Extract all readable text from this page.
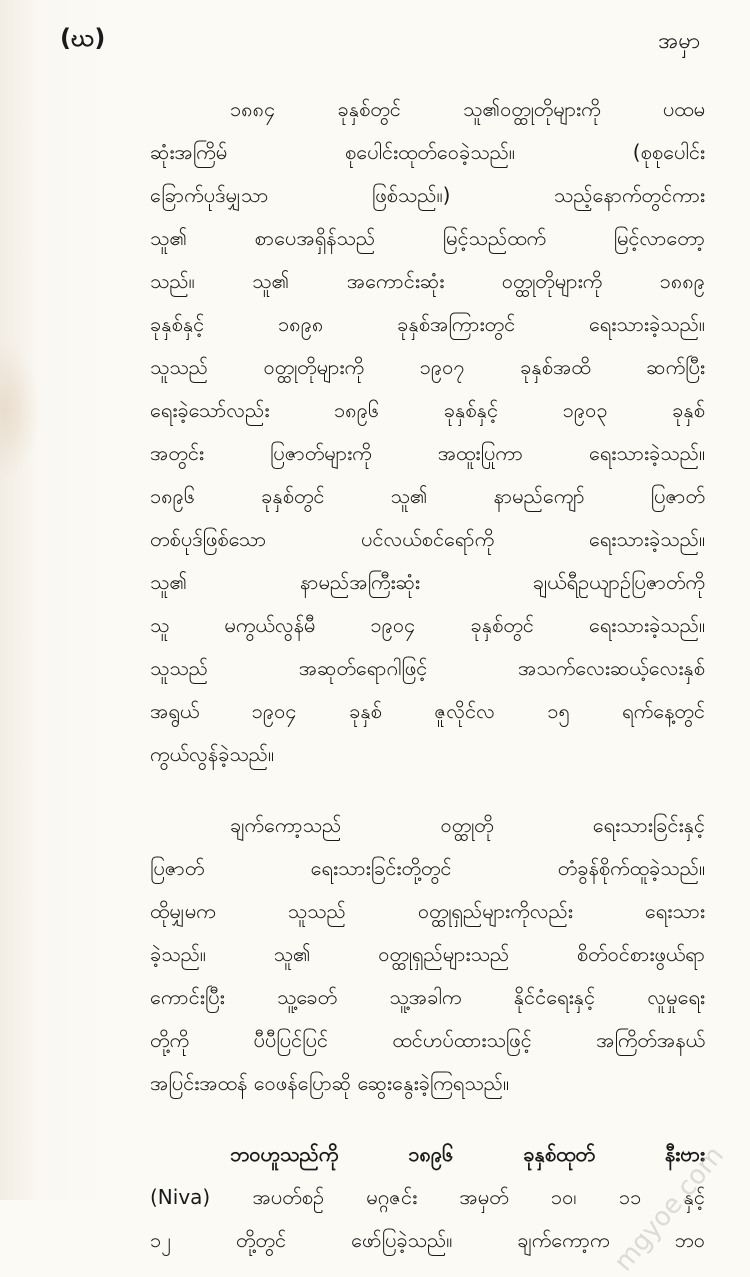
(ဃ)	အမှာ
၁၈၈၄ ခုနှစ်တွင် သူ၏ဝတ္ထုတိုများကို ပထမ
ဆုံးအကြိမ် စုပေါင်းထုတ်ဝေခဲ့သည်။ (စုစုပေါင်း
ခြောက်ပုဒ်မျှသာ ဖြစ်သည်။) သည့်နောက်တွင်ကား
သူ၏ စာပေအရှိန်သည် မြင့်သည်ထက် မြင့်လာတော့
သည်။ သူ၏ အကောင်းဆုံး ဝတ္ထုတိုများကို ၁၈၈၉
ခုနှစ်နှင့် ၁၈၉၈ ခုနှစ်အကြားတွင် ရေးသားခဲ့သည်။
သူသည် ဝတ္ထုတိုများကို ၁၉၀၇ ခုနှစ်အထိ ဆက်ပြီး
ရေးခဲ့သော်လည်း ၁၈၉၆ ခုနှစ်နှင့် ၁၉၀၃ ခုနှစ်
အတွင်း ပြဇာတ်များကို အထူးပြုကာ ရေးသားခဲ့သည်။
၁၈၉၆ ခုနှစ်တွင် သူ၏ နာမည်ကျော် ပြဇာတ်
တစ်ပုဒ်ဖြစ်သော ပင်လယ်စင်ရော်ကို ရေးသားခဲ့သည်။
သူ၏ နာမည်အကြီးဆုံး ချယ်ရီဥယျာဉ်ပြဇာတ်ကို
သူ မကွယ်လွန်မီ ၁၉၀၄ ခုနှစ်တွင် ရေးသားခဲ့သည်။
သူသည် အဆုတ်ရောဂါဖြင့် အသက်လေးဆယ့်လေးနှစ်
အရွယ် ၁၉၀၄ ခုနှစ် ဇူလိုင်လ ၁၅ ရက်နေ့တွင်
ကွယ်လွန်ခဲ့သည်။
ချက်ကော့သည် ဝတ္ထုတို ရေးသားခြင်းနှင့်
ပြဇာတ် ရေးသားခြင်းတို့တွင် တံခွန်စိုက်ထူခဲ့သည်။
ထိုမျှမက သူသည် ဝတ္ထုရှည်များကိုလည်း ရေးသား
ခဲ့သည်။ သူ၏ ဝတ္ထုရှည်များသည် စိတ်ဝင်စားဖွယ်ရာ
ကောင်းပြီး သူ့ခေတ် သူ့အခါက နိုင်ငံရေးနှင့် လူမှုရေး
တို့ကို ပီပီပြင်ပြင် ထင်ဟပ်ထားသဖြင့် အကြိတ်အနယ်
အပြင်းအထန် ဝေဖန်ပြောဆို ဆွေးနွေးခဲ့ကြရသည်။
ဘဝဟူသည်ကို ၁၈၉၆ ခုနှစ်ထုတ် နီးဗား
(Niva) အပတ်စဉ် မဂ္ဂဇင်း အမှတ် ၁၀၊ ၁၁ နှင့်
၁၂ တို့တွင် ဖော်ပြခဲ့သည်။ ချက်ကော့က ဘဝ
mgyoe.com
